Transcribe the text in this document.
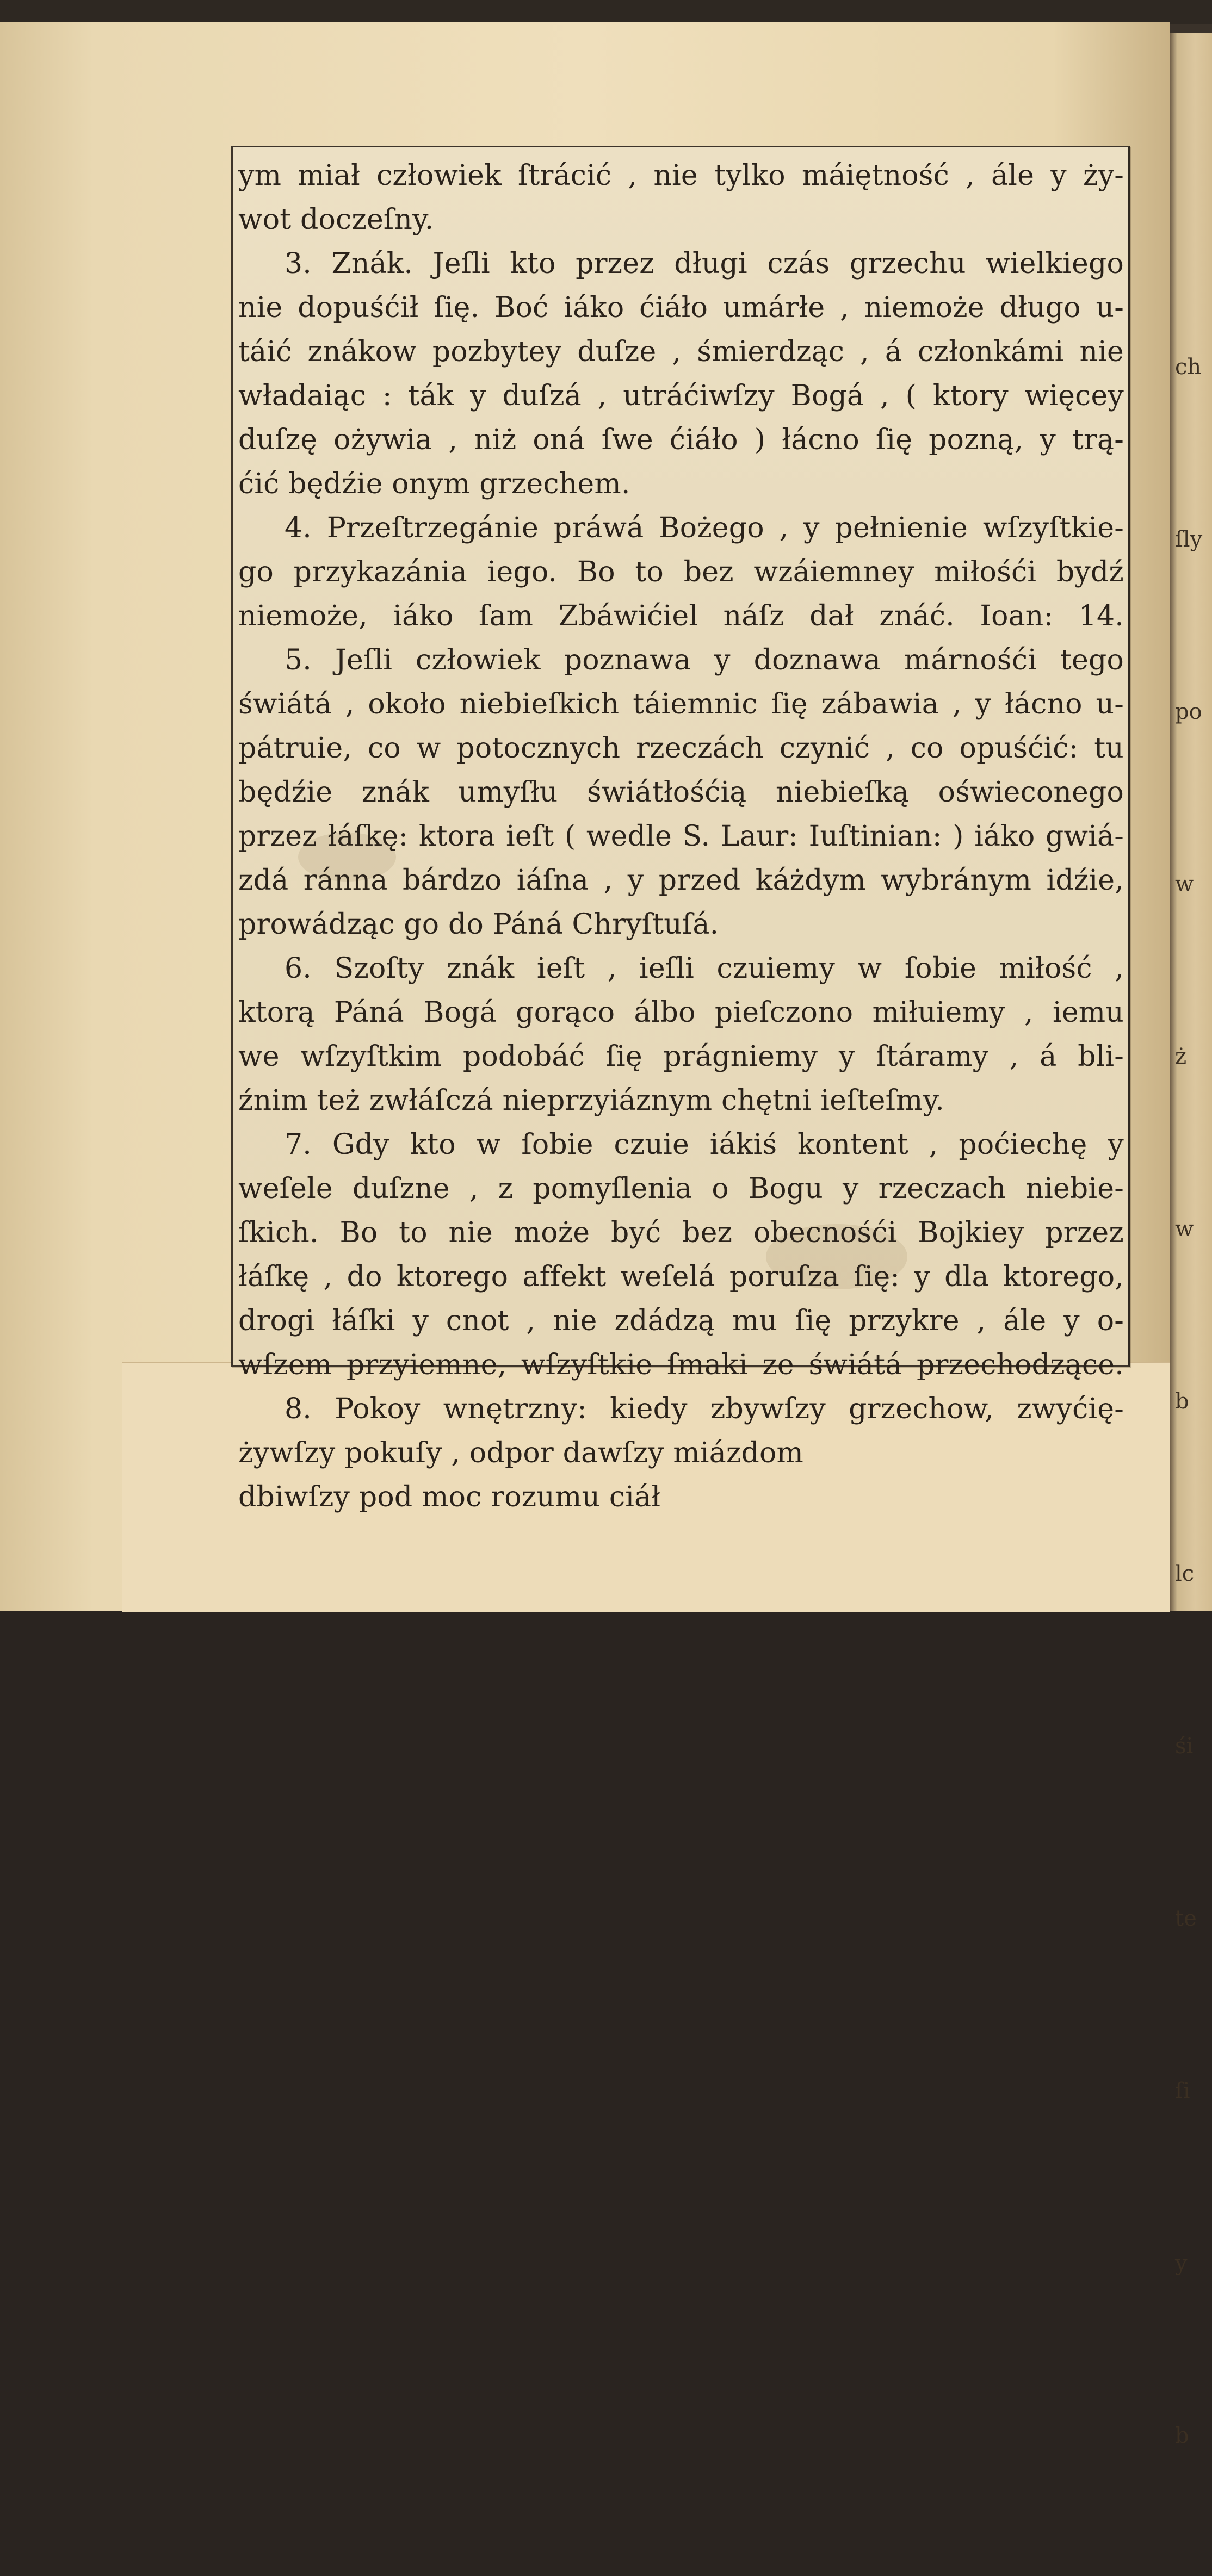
ch

ſly

po

w

ż

w

b

lc

śi

te

ſi

y

b

ym miał człowiek ſtrácić , nie tylko máiętność , ále y ży-
wot doczeſny.
3. Znák. Jeſli kto przez długi czás grzechu wielkiego
nie dopuśćił ſię. Boć iáko ćiáło umárłe , niemoże długo u-
táić znákow pozbytey duſze , śmierdząc , á członkámi nie
władaiąc : ták y duſzá , utráćiwſzy Bogá , ( ktory więcey
duſzę ożywia , niż oná ſwe ćiáło ) łácno ſię pozną, y trą-
ćić będźie onym grzechem.
4. Przeſtrzegánie práwá Bożego , y pełnienie wſzyſtkie-
go przykazánia iego. Bo to bez wzáiemney miłośći bydź
niemoże, iáko ſam Zbáwićiel náſz dał znáć. Ioan: 14.
5. Jeſli człowiek poznawa y doznawa márnośći tego
świátá , około niebieſkich táiemnic ſię zábawia , y łácno u-
pátruie, co w potocznych rzeczách czynić , co opuśćić: tu
będźie znák umyſłu świátłośćią niebieſką oświeconego
przez łáſkę: ktora ieſt ( wedle S. Laur: Iuſtinian: ) iáko gwiá-
zdá ránna bárdzo iáſna , y przed káżdym wybránym idźie,
prowádząc go do Páná Chryſtuſá.
6. Szoſty znák ieſt , ieſli czuiemy w ſobie miłość ,
ktorą Páná Bogá gorąco álbo pieſczono miłuiemy , iemu
we wſzyſtkim podobáć ſię prágniemy y ſtáramy , á bli-
źnim też zwłáſczá nieprzyiáznym chętni ieſteſmy.
7. Gdy kto w ſobie czuie iákiś kontent , poćiechę y
weſele duſzne , z pomyſlenia o Bogu y rzeczach niebie-
ſkich. Bo to nie może być bez obecnośći Bojkiey przez
łáſkę , do ktorego affekt weſelá poruſza ſię: y dla ktorego,
drogi łáſki y cnot , nie zdádzą mu ſię przykre , ále y o-
wſzem przyiemne, wſzyſtkie ſmaki ze świátá przechodzące.
8. Pokoy wnętrzny: kiedy zbywſzy grzechow, zwyćię-
żywſzy pokuſy , odpor dawſzy miázdom
dbiwſzy pod moc rozumu ciáł
